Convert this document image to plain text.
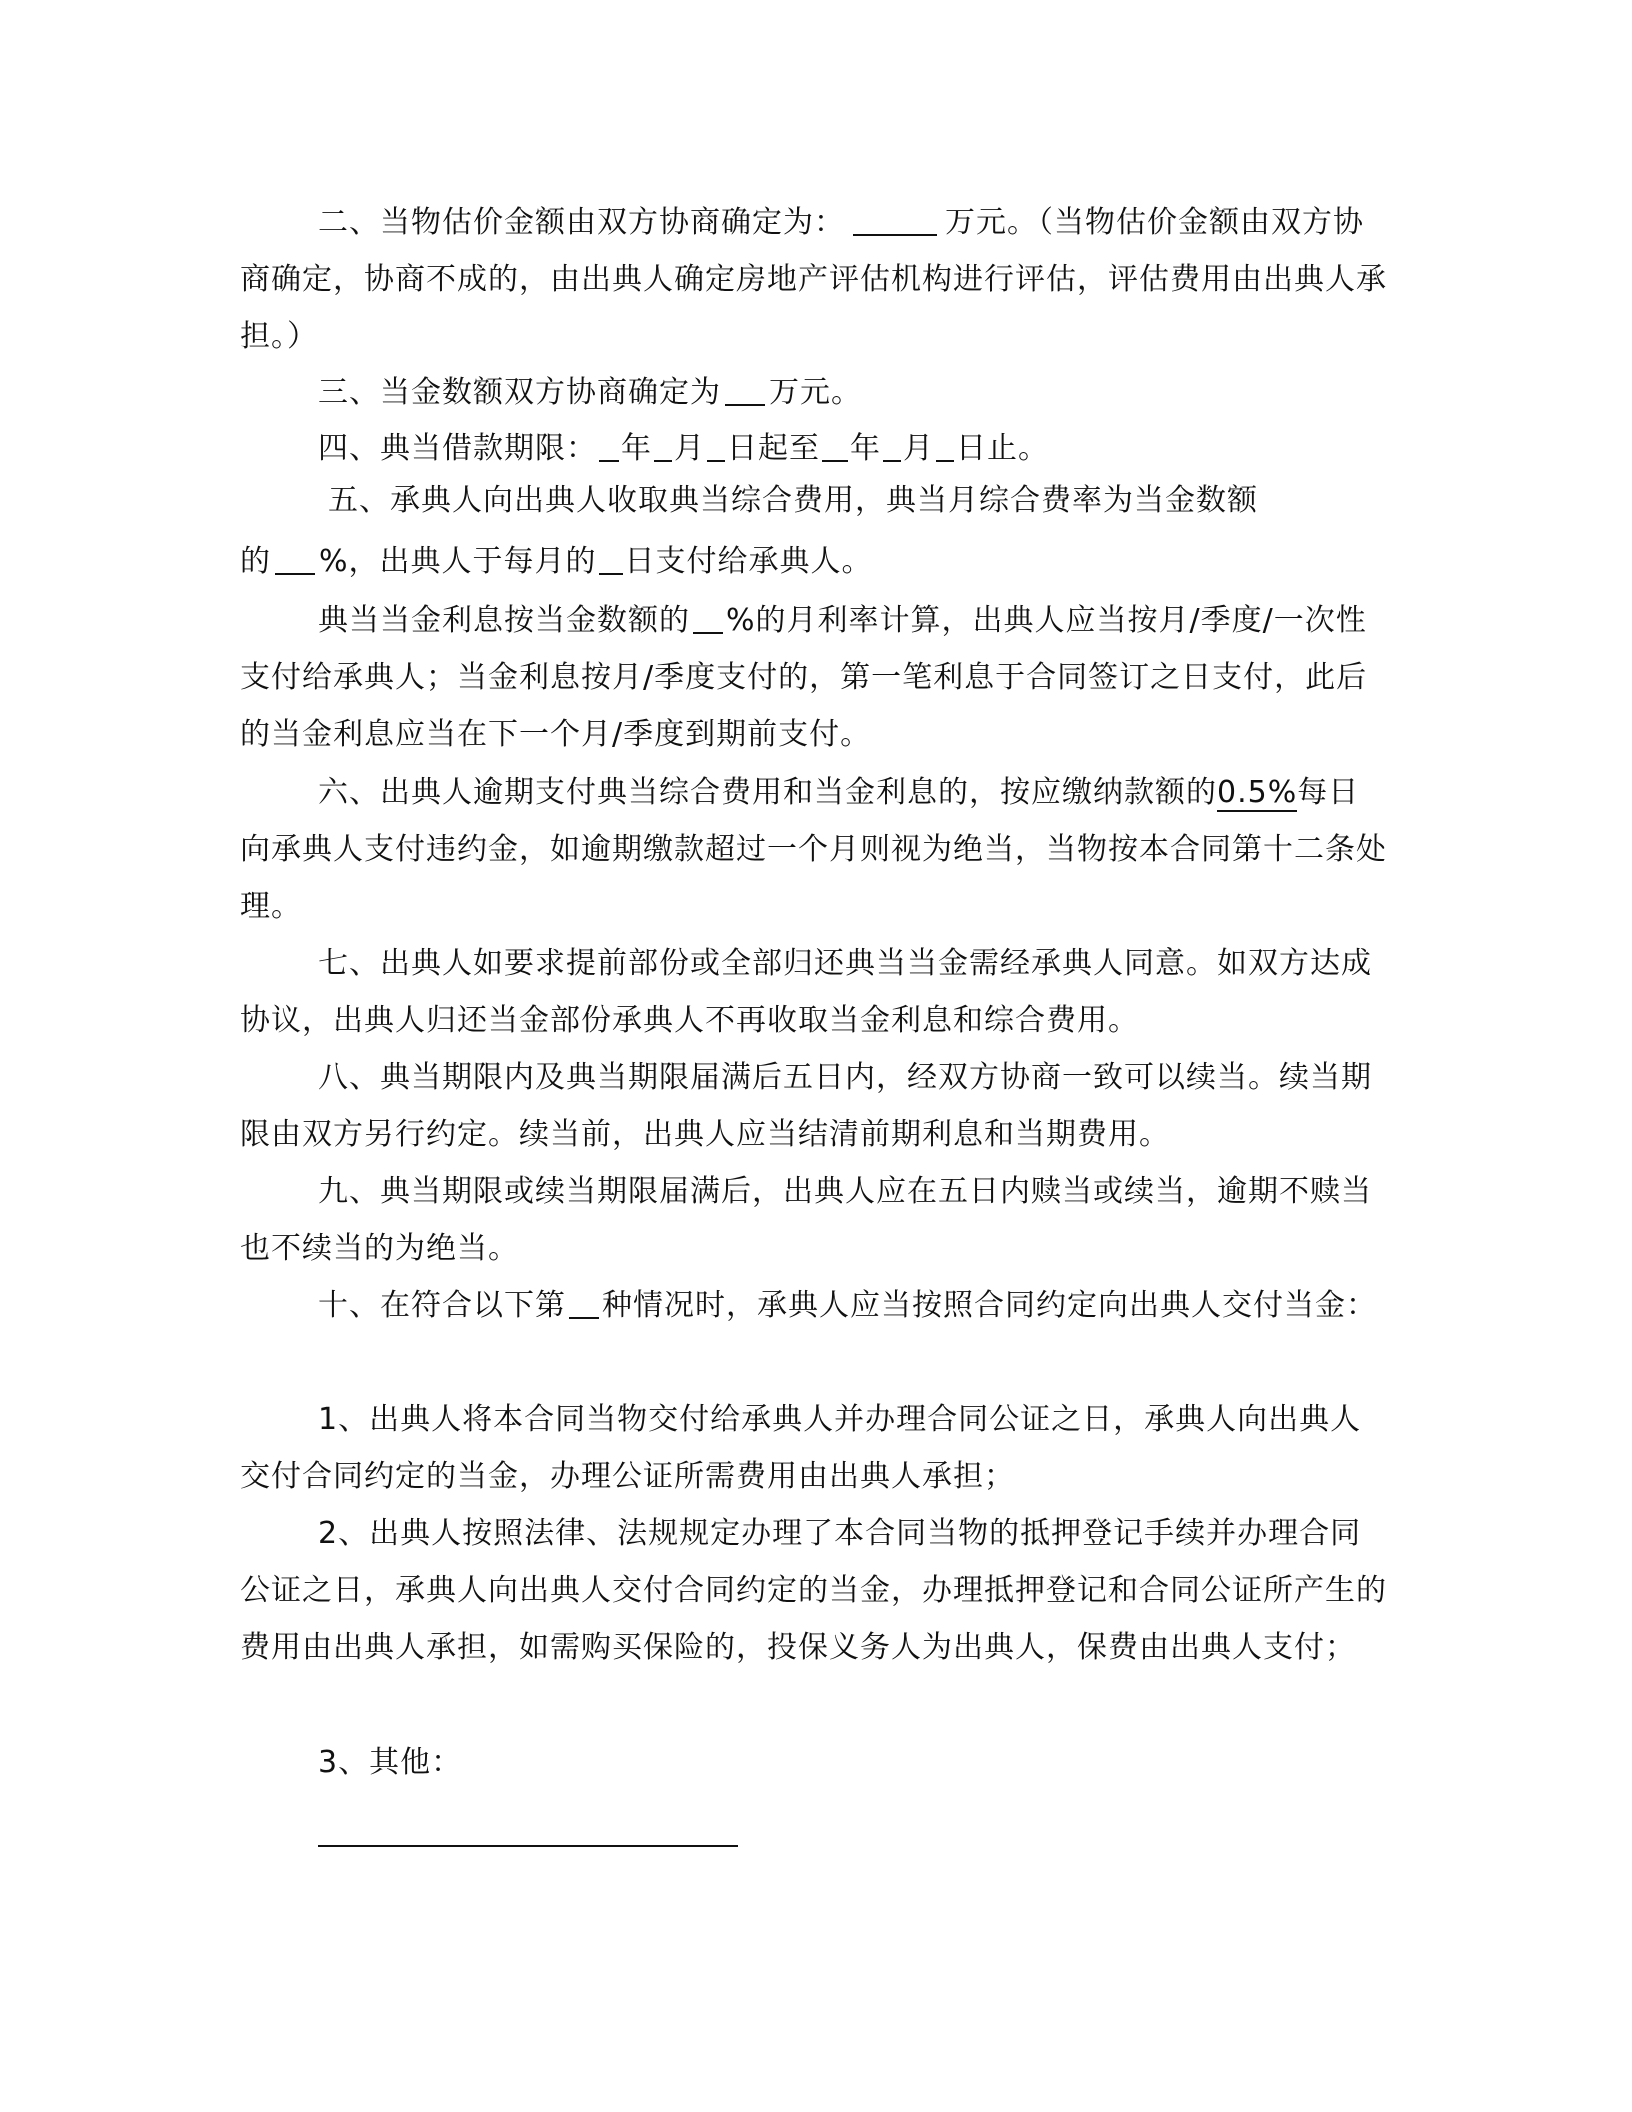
二、当物估价金额由双方协商确定为：	万元。（当物估价金额由双方协商确定，协商不成的，由出典人确定房地产评估机构进行评估，评估费用由出典人承担。）

三、当金数额双方协商确定为 万元。

四、典当借款期限： 年 月 日起至 年 月 日止。

五、承典人向出典人收取典当综合费用，典当月综合费率为当金数额

的 %，出典人于每月的 日支付给承典人。

典当当金利息按当金数额的 %的月利率计算，出典人应当按月/季度/一次性支付给承典人；当金利息按月/季度支付的，第一笔利息于合同签订之日支付，此后的当金利息应当在下一个月/季度到期前支付。

六、出典人逾期支付典当综合费用和当金利息的，按应缴纳款额的0.5%每日向承典人支付违约金，如逾期缴款超过一个月则视为绝当，当物按本合同第十二条处理。

七、出典人如要求提前部份或全部归还典当当金需经承典人同意。如双方达成协议，出典人归还当金部份承典人不再收取当金利息和综合费用。

八、典当期限内及典当期限届满后五日内，经双方协商一致可以续当。续当期限由双方另行约定。续当前，出典人应当结清前期利息和当期费用。

九、典当期限或续当期限届满后，出典人应在五日内赎当或续当，逾期不赎当也不续当的为绝当。

十、在符合以下第 种情况时，承典人应当按照合同约定向出典人交付当金：

1、出典人将本合同当物交付给承典人并办理合同公证之日，承典人向出典人交付合同约定的当金，办理公证所需费用由出典人承担；

2、出典人按照法律、法规规定办理了本合同当物的抵押登记手续并办理合同公证之日，承典人向出典人交付合同约定的当金，办理抵押登记和合同公证所产生的费用由出典人承担，如需购买保险的，投保义务人为出典人，保费由出典人支付；

3、其他：
